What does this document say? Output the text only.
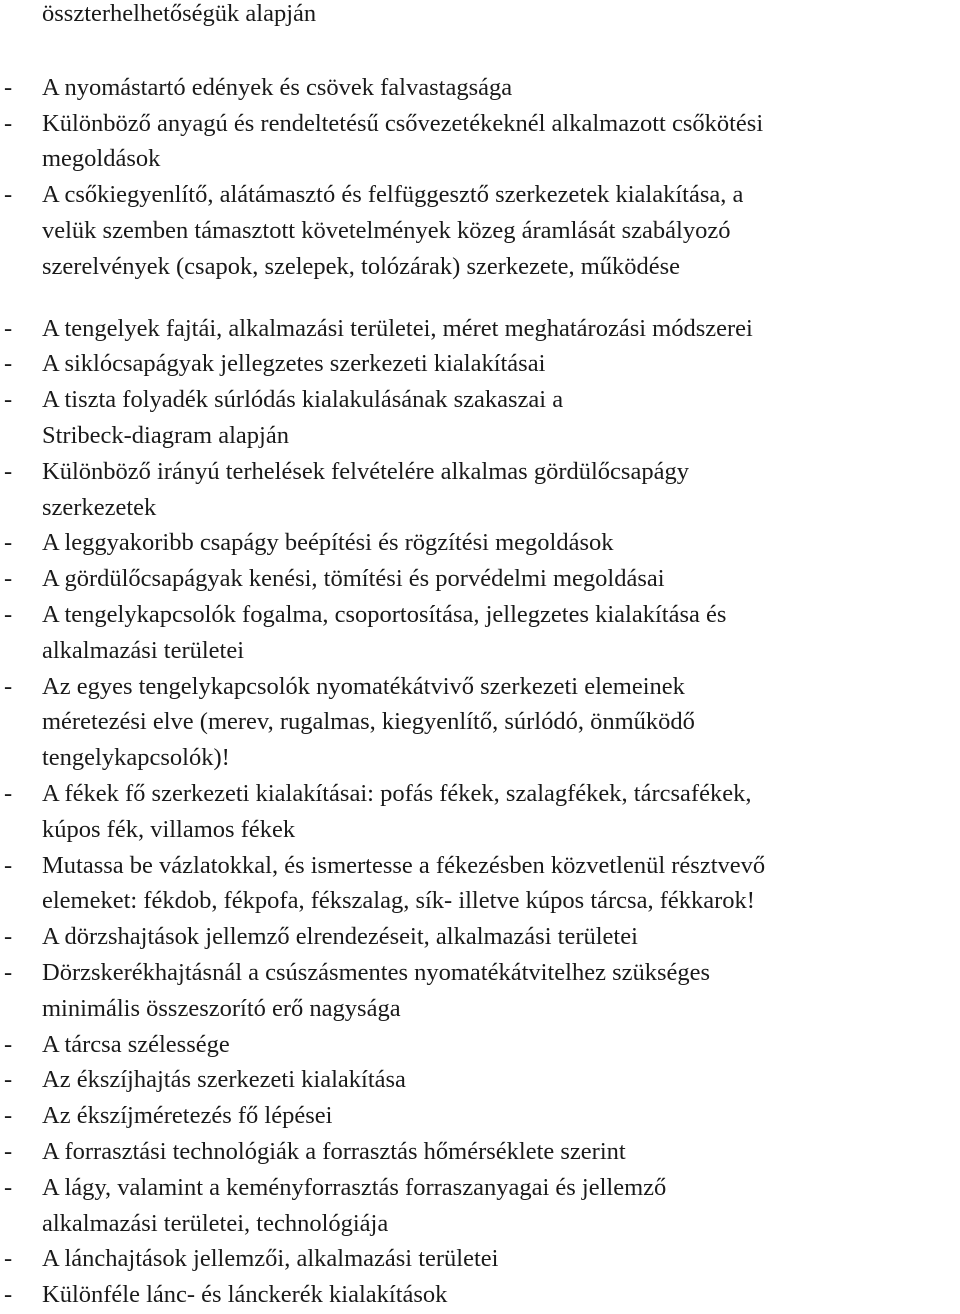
összterhelhetőségük alapján
- A nyomástartó edények és csövek falvastagsága
- Különböző anyagú és rendeltetésű csővezetékeknél alkalmazott csőkötési
megoldások
- A csőkiegyenlítő, alátámasztó és felfüggesztő szerkezetek kialakítása, a
velük szemben támasztott követelmények közeg áramlását szabályozó
szerelvények (csapok, szelepek, tolózárak) szerkezete, működése
- A tengelyek fajtái, alkalmazási területei, méret meghatározási módszerei
- A siklócsapágyak jellegzetes szerkezeti kialakításai
- A tiszta folyadék súrlódás kialakulásának szakaszai a
Stribeck-diagram alapján
- Különböző irányú terhelések felvételére alkalmas gördülőcsapágy
szerkezetek
- A leggyakoribb csapágy beépítési és rögzítési megoldások
- A gördülőcsapágyak kenési, tömítési és porvédelmi megoldásai
- A tengelykapcsolók fogalma, csoportosítása, jellegzetes kialakítása és
alkalmazási területei
- Az egyes tengelykapcsolók nyomatékátvivő szerkezeti elemeinek
méretezési elve (merev, rugalmas, kiegyenlítő, súrlódó, önműködő
tengelykapcsolók)!
- A fékek fő szerkezeti kialakításai: pofás fékek, szalagfékek, tárcsafékek,
kúpos fék, villamos fékek
- Mutassa be vázlatokkal, és ismertesse a fékezésben közvetlenül résztvevő
elemeket: fékdob, fékpofa, fékszalag, sík- illetve kúpos tárcsa, fékkarok!
- A dörzshajtások jellemző elrendezéseit, alkalmazási területei
- Dörzskerékhajtásnál a csúszásmentes nyomatékátvitelhez szükséges
minimális összeszorító erő nagysága
- A tárcsa szélessége
- Az ékszíjhajtás szerkezeti kialakítása
- Az ékszíjméretezés fő lépései
- A forrasztási technológiák a forrasztás hőmérséklete szerint
- A lágy, valamint a keményforrasztás forraszanyagai és jellemző
alkalmazási területei, technológiája
- A lánchajtások jellemzői, alkalmazási területei
- Különféle lánc- és lánckerék kialakítások
